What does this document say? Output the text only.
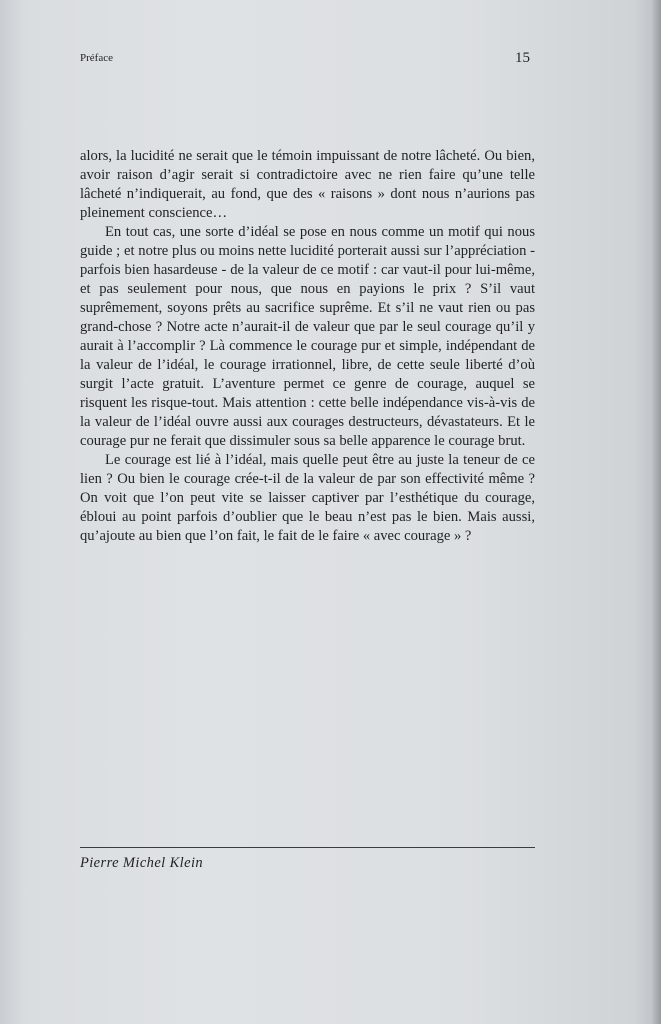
Préface	15

alors, la lucidité ne serait que le témoin impuissant de notre lâcheté. Ou bien, avoir raison d’agir serait si contradictoire avec ne rien faire qu’une telle lâcheté n’indiquerait, au fond, que des « raisons » dont nous n’aurions pas pleinement conscience…

En tout cas, une sorte d’idéal se pose en nous comme un motif qui nous guide ; et notre plus ou moins nette lucidité porterait aussi sur l’appréciation - parfois bien hasardeuse - de la valeur de ce motif : car vaut-il pour lui-même, et pas seulement pour nous, que nous en payions le prix ? S’il vaut suprêmement, soyons prêts au sacrifice suprême. Et s’il ne vaut rien ou pas grand-chose ? Notre acte n’aurait-il de valeur que par le seul courage qu’il y aurait à l’accomplir ? Là commence le courage pur et simple, indépendant de la valeur de l’idéal, le courage irrationnel, libre, de cette seule liberté d’où surgit l’acte gratuit. L’aventure permet ce genre de courage, auquel se risquent les risque-tout. Mais attention : cette belle indépendance vis-à-vis de la valeur de l’idéal ouvre aussi aux courages destructeurs, dévastateurs. Et le courage pur ne ferait que dissimuler sous sa belle apparence le courage brut.

Le courage est lié à l’idéal, mais quelle peut être au juste la teneur de ce lien ? Ou bien le courage crée-t-il de la valeur de par son effectivité même ? On voit que l’on peut vite se laisser captiver par l’esthétique du courage, ébloui au point parfois d’oublier que le beau n’est pas le bien. Mais aussi, qu’ajoute au bien que l’on fait, le fait de le faire « avec courage » ?

Pierre Michel Klein
